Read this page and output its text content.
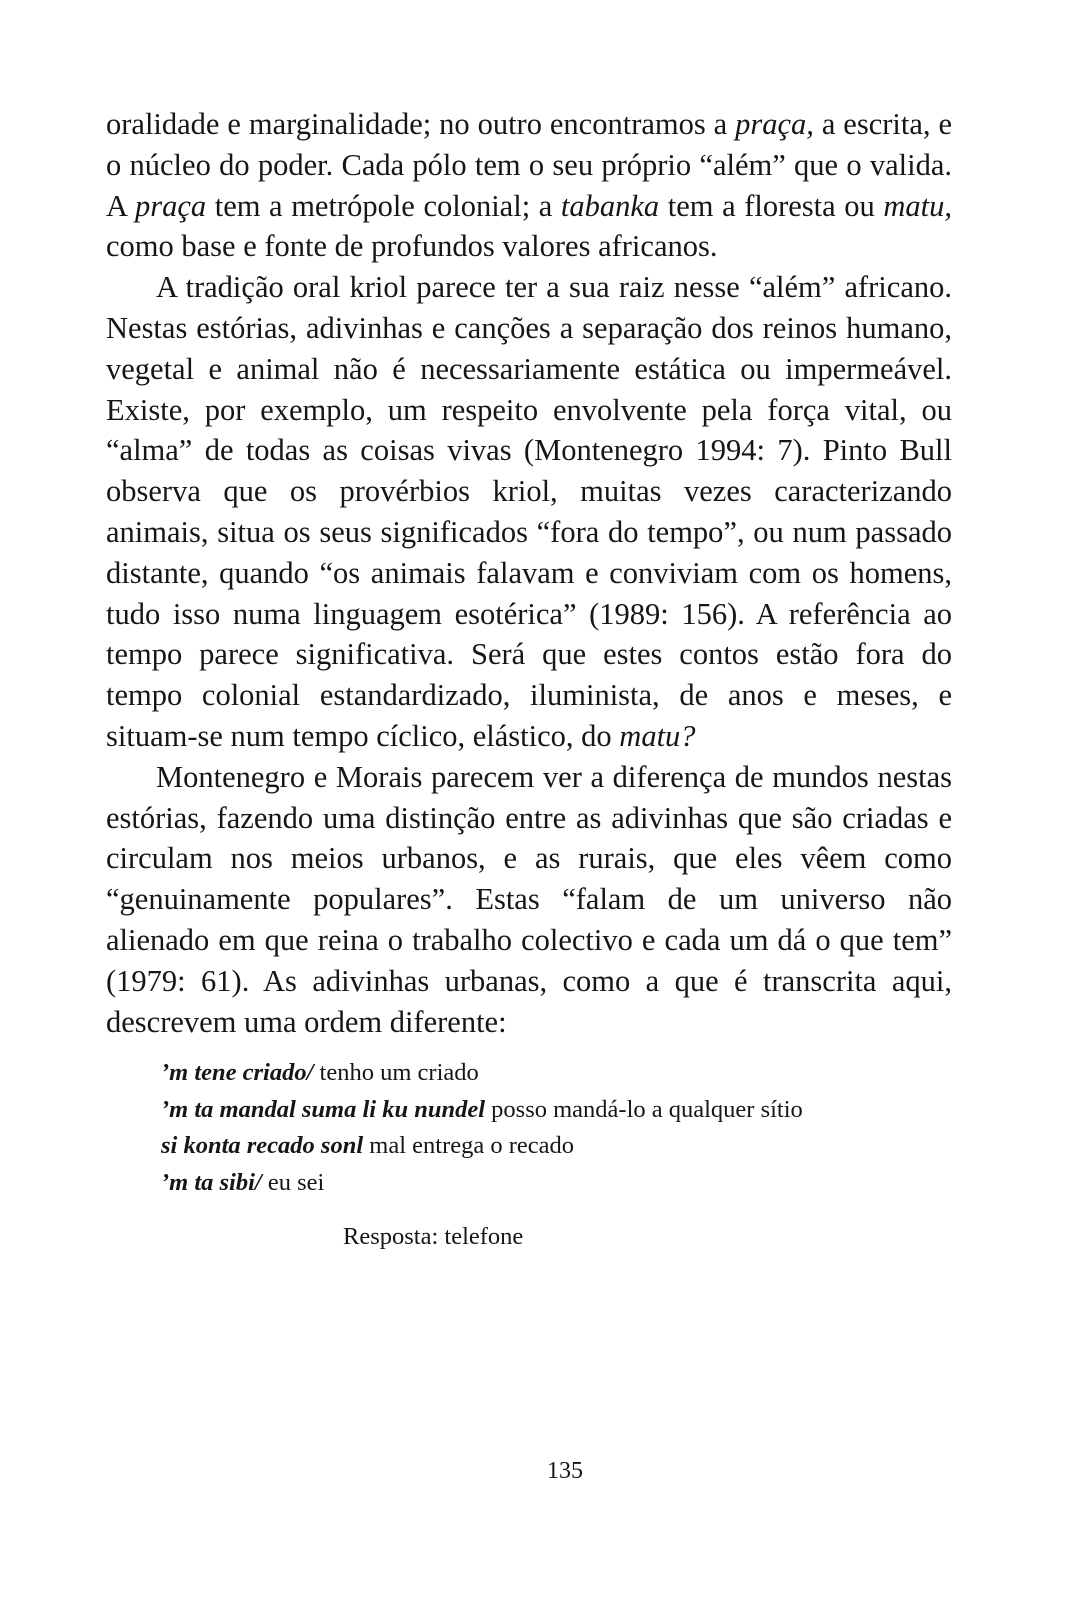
oralidade e marginalidade; no outro encontramos a praça, a escrita, e o núcleo do poder. Cada pólo tem o seu próprio “além” que o valida. A praça tem a metrópole colonial; a tabanka tem a floresta ou matu, como base e fonte de profundos valores africanos.

A tradição oral kriol parece ter a sua raiz nesse “além” africano. Nestas estórias, adivinhas e canções a separação dos reinos humano, vegetal e animal não é necessariamente estática ou impermeável. Existe, por exemplo, um respeito envolvente pela força vital, ou “alma” de todas as coisas vivas (Montenegro 1994: 7). Pinto Bull observa que os provérbios kriol, muitas vezes caracterizando animais, situa os seus significados “fora do tempo”, ou num passado distante, quando “os animais falavam e conviviam com os homens, tudo isso numa linguagem esotérica” (1989: 156). A referência ao tempo parece significativa. Será que estes contos estão fora do tempo colonial estandardizado, iluminista, de anos e meses, e situam-se num tempo cíclico, elástico, do matu?

Montenegro e Morais parecem ver a diferença de mundos nestas estórias, fazendo uma distinção entre as adivinhas que são criadas e circulam nos meios urbanos, e as rurais, que eles vêem como “genuinamente populares”. Estas “falam de um universo não alienado em que reina o trabalho colectivo e cada um dá o que tem” (1979: 61). As adivinhas urbanas, como a que é transcrita aqui, descrevem uma ordem diferente:

’m tene criado/ tenho um criado
’m ta mandal suma li ku nundel posso mandá-lo a qualquer sítio
si konta recado sonl mal entrega o recado
’m ta sibi/ eu sei
Resposta: telefone
135
